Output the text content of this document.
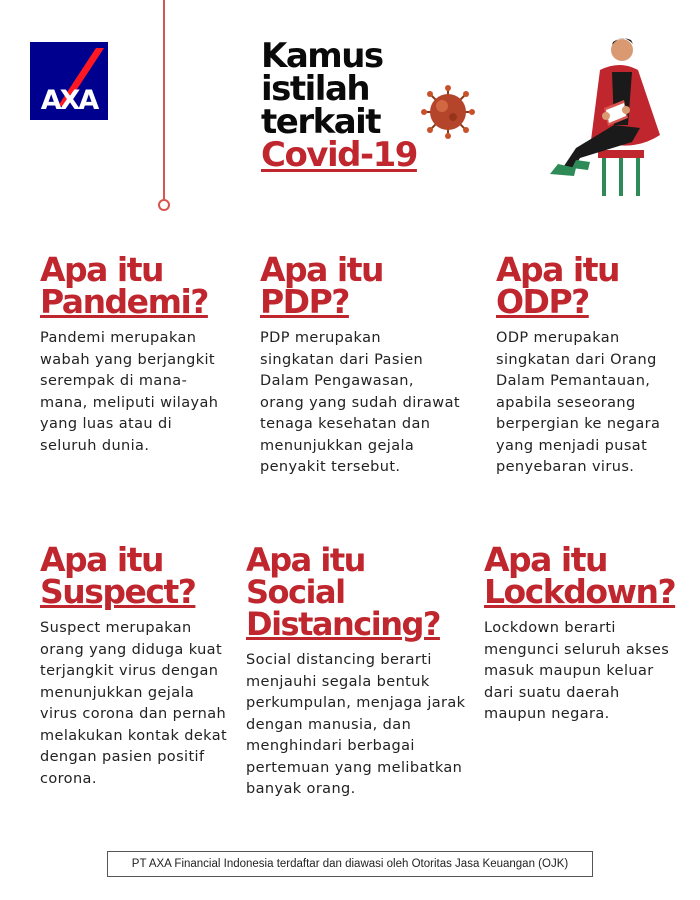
AXA
Kamus
istilah
terkait
Covid-19
Apa itu
Pandemi?

Pandemi merupakan wabah yang berjangkit serempak di mana-mana, meliputi wilayah yang luas atau di seluruh dunia.

Apa itu
PDP?

PDP merupakan singkatan dari Pasien Dalam Pengawasan, orang yang sudah dirawat tenaga kesehatan dan menunjukkan gejala penyakit tersebut.

Apa itu
ODP?

ODP merupakan singkatan dari Orang Dalam Pemantauan, apabila seseorang berpergian ke negara yang menjadi pusat penyebaran virus.

Apa itu
Suspect?

Suspect merupakan orang yang diduga kuat terjangkit virus dengan menunjukkan gejala virus corona dan pernah melakukan kontak dekat dengan pasien positif corona.

Apa itu Social
Distancing?

Social distancing berarti menjauhi segala bentuk perkumpulan, menjaga jarak dengan manusia, dan menghindari berbagai pertemuan yang melibatkan banyak orang.

Apa itu
Lockdown?

Lockdown berarti mengunci seluruh akses masuk maupun keluar dari suatu daerah maupun negara.

PT AXA Financial Indonesia terdaftar dan diawasi oleh Otoritas Jasa Keuangan (OJK)
